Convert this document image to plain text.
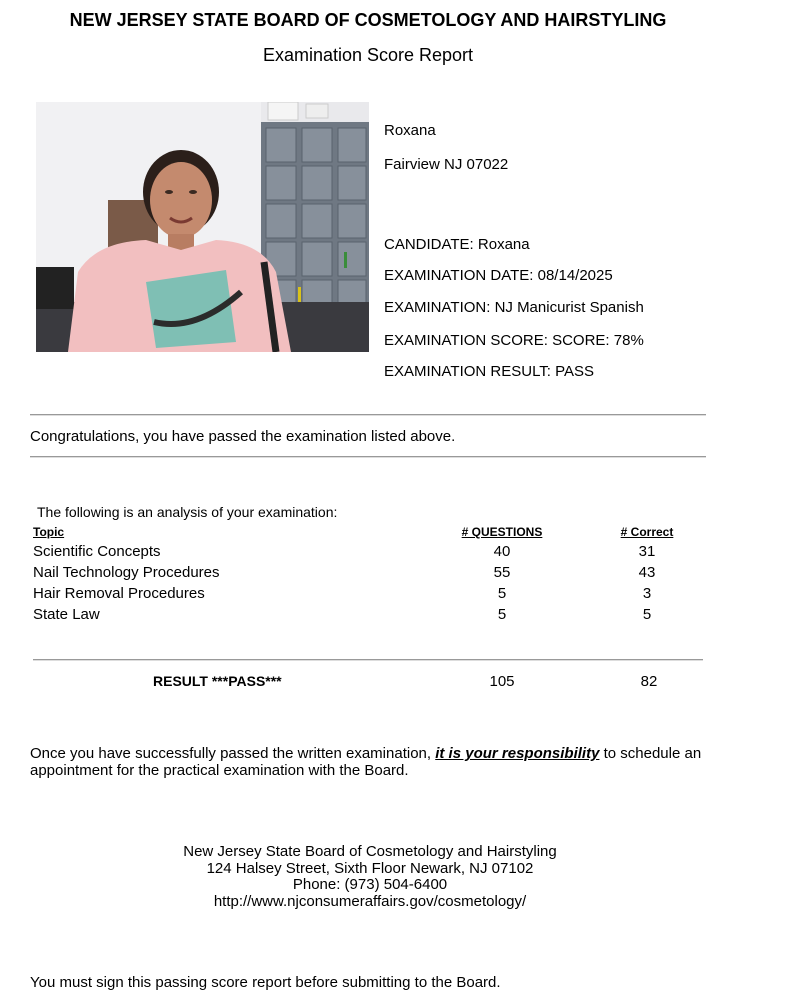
NEW JERSEY STATE BOARD OF COSMETOLOGY AND HAIRSTYLING
Examination Score Report
Roxana
Fairview NJ 07022
CANDIDATE: Roxana
EXAMINATION DATE: 08/14/2025
EXAMINATION: NJ Manicurist Spanish
EXAMINATION SCORE: SCORE: 78%
EXAMINATION RESULT: PASS
Congratulations, you have passed the examination listed above.
The following is an analysis of your examination:
Topic	# QUESTIONS	# Correct
Scientific Concepts	40	31
Nail Technology Procedures	55	43
Hair Removal Procedures	5	3
State Law	5	5
RESULT ***PASS***	105	82
Once you have successfully passed the written examination, it is your responsibility to schedule an appointment for the practical examination with the Board.
New Jersey State Board of Cosmetology and Hairstyling
124 Halsey Street, Sixth Floor Newark, NJ 07102
Phone: (973) 504-6400
http://www.njconsumeraffairs.gov/cosmetology/
You must sign this passing score report before submitting to the Board.
